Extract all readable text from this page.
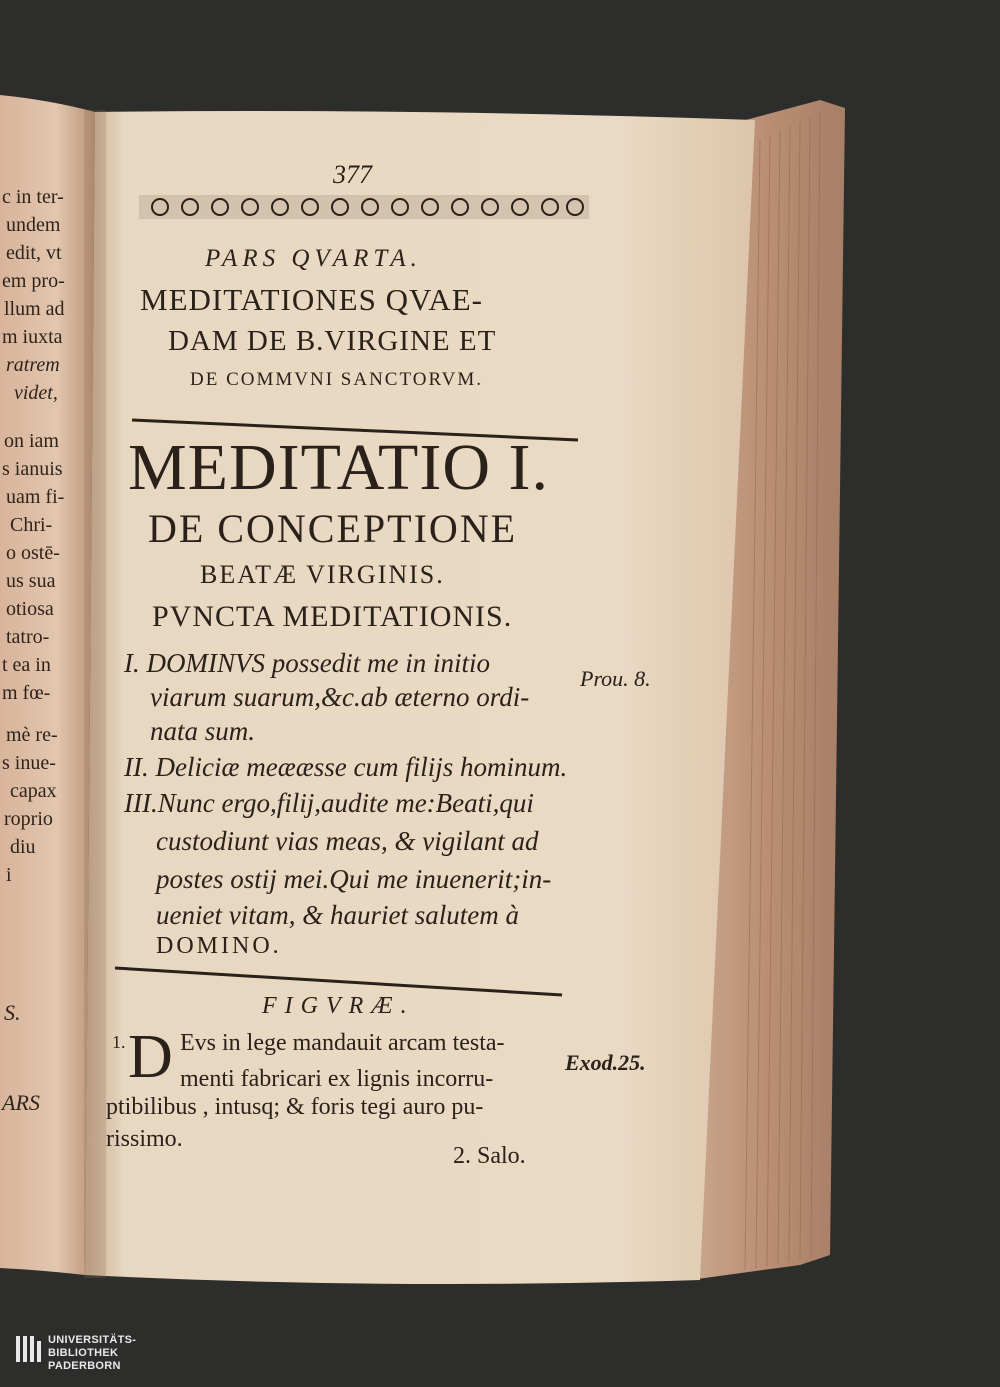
377
PARS QVARTA.
MEDITATIONES QVAE-
DAM DE B.VIRGINE ET
DE COMMVNI SANCTORVM.
MEDITATIO I.
DE CONCEPTIONE
BEATÆ VIRGINIS.
PVNCTA MEDITATIONIS.
I. DOMINVS possedit me in initio
viarum suarum,&c.ab æterno ordi-
nata sum.
II. Deliciæ meææsse cum filijs hominum.
III.Nunc ergo,filij,audite me:Beati,qui
custodiunt vias meas, & vigilant ad
postes ostij mei.Qui me inuenerit;in-
ueniet vitam, & hauriet salutem à
DOMINO.
Prou. 8.
FIGVRÆ.
1. D Evs in lege mandauit arcam testa-
menti fabricari ex lignis incorru-
ptibilibus , intusq; & foris tegi auro pu-
rissimo.
2. Salo.
Exod.25.
c in ter-
undem
edit, vt
em pro-
llum ad
m iuxta
ratrem
videt,
on iam
s ianuis
uam fi-
Chri-
o ostē-
us sua
otiosa
tatro-
t ea in
m fœ-
mè re-
s inue-
capax
roprio
diu
i
S.
ARS
UNIVERSITÄTS-
BIBLIOTHEK
PADERBORN
